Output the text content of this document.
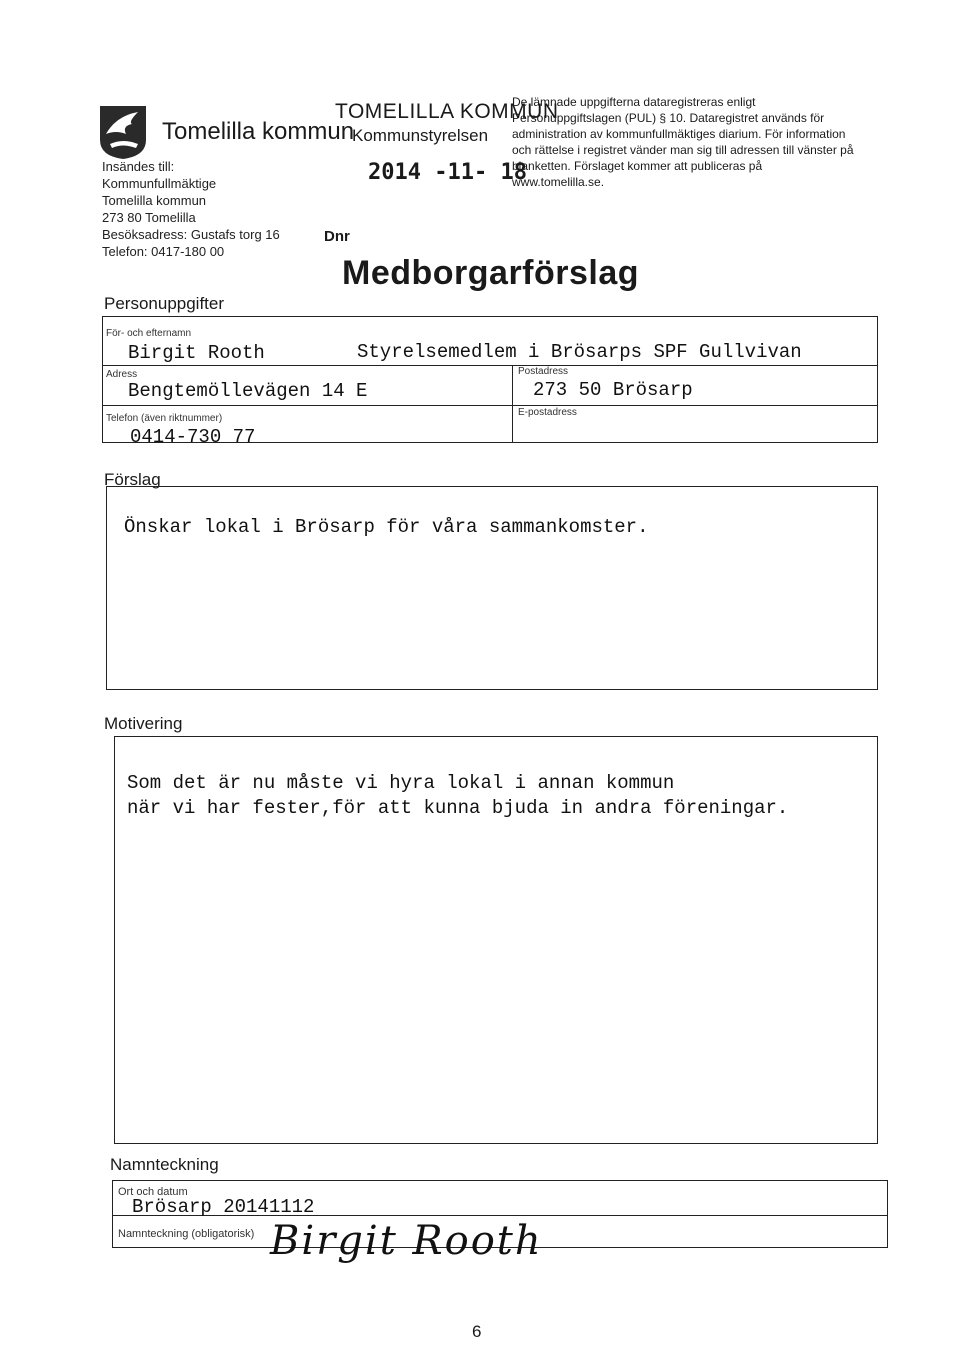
Tomelilla kommun
TOMELILLA KOMMUN
Kommunstyrelsen
2014 -11- 18
Dnr
De lämnade uppgifterna dataregistreras enligt Personuppgiftslagen (PUL) § 10. Dataregistret används för administration av kommunfullmäktiges diarium. För information och rättelse i registret vänder man sig till adressen till vänster på blanketten. Förslaget kommer att publiceras på www.tomelilla.se.
Insändes till:
Kommunfullmäktige
Tomelilla kommun
273 80 Tomelilla
Besöksadress: Gustafs torg 16
Telefon: 0417-180 00
Medborgarförslag
Personuppgifter
För- och efternamn
Birgit Rooth	Styrelsemedlem i Brösarps SPF Gullvivan
Adress
Bengtemöllevägen 14 E
Postadress
273 50 Brösarp
Telefon (även riktnummer)
0414-730 77
E-postadress
Förslag
Önskar lokal i Brösarp för våra sammankomster.
Motivering
Som det är nu måste vi hyra lokal i annan kommun
när vi har fester,för att kunna bjuda in andra föreningar.
Namnteckning
Ort och datum
Brösarp 20141112
Namnteckning (obligatorisk) Birgit Rooth
6
